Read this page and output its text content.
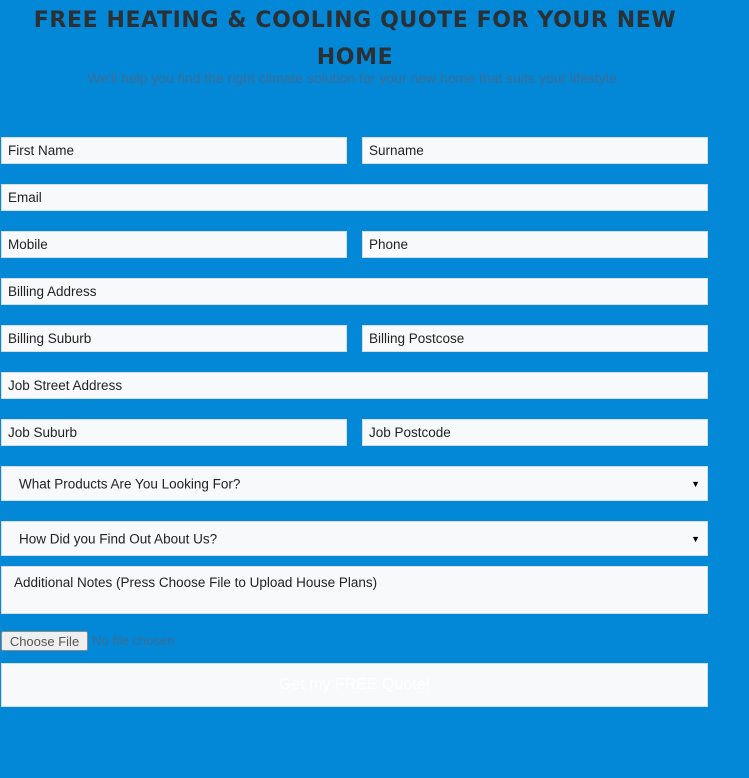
FREE HEATING & COOLING QUOTE FOR YOUR NEW HOME
We'll help you find the right climate solution for your new home that suits your lifestyle.
First Name
Surname
Email
Mobile
Phone
Billing Address
Billing Suburb
Billing Postcose
Job Street Address
Job Suburb
Job Postcode
What Products Are You Looking For?	▼
How Did you Find Out About Us?	▼
Additional Notes (Press Choose File to Upload House Plans)
Choose File No file chosen
Get my FREE Quote!
